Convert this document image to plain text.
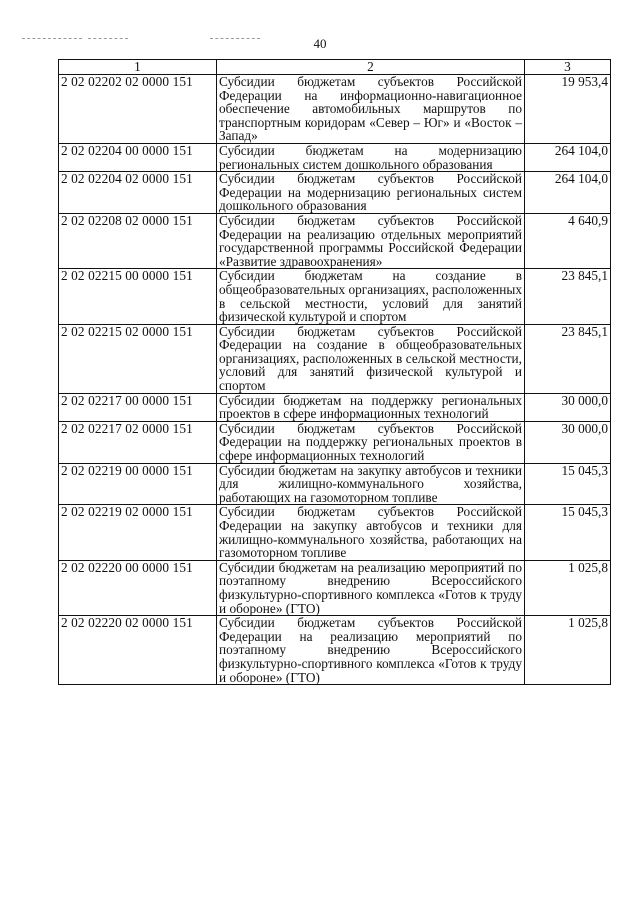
40
1	2	3
2 02 02202 02 0000 151	Субсидии бюджетам субъектов Российской Федерации на информационно-навигационное обеспечение автомобильных маршрутов по транспортным коридорам «Север – Юг» и «Восток – Запад»	19 953,4
2 02 02204 00 0000 151	Субсидии бюджетам на модернизацию региональных систем дошкольного образования	264 104,0
2 02 02204 02 0000 151	Субсидии бюджетам субъектов Российской Федерации на модернизацию региональных систем дошкольного образования	264 104,0
2 02 02208 02 0000 151	Субсидии бюджетам субъектов Российской Федерации на реализацию отдельных мероприятий государственной программы Российской Федерации «Развитие здравоохранения»	4 640,9
2 02 02215 00 0000 151	Субсидии бюджетам на создание в общеобразовательных организациях, расположенных в сельской местности, условий для занятий физической культурой и спортом	23 845,1
2 02 02215 02 0000 151	Субсидии бюджетам субъектов Российской Федерации на создание в общеобразовательных организациях, расположенных в сельской местности, условий для занятий физической культурой и спортом	23 845,1
2 02 02217 00 0000 151	Субсидии бюджетам на поддержку региональных проектов в сфере информационных технологий	30 000,0
2 02 02217 02 0000 151	Субсидии бюджетам субъектов Российской Федерации на поддержку региональных проектов в сфере информационных технологий	30 000,0
2 02 02219 00 0000 151	Субсидии бюджетам на закупку автобусов и техники для жилищно-коммунального хозяйства, работающих на газомоторном топливе	15 045,3
2 02 02219 02 0000 151	Субсидии бюджетам субъектов Российской Федерации на закупку автобусов и техники для жилищно-коммунального хозяйства, работающих на газомоторном топливе	15 045,3
2 02 02220 00 0000 151	Субсидии бюджетам на реализацию мероприятий по поэтапному внедрению Всероссийского физкультурно-спортивного комплекса «Готов к труду и обороне» (ГТО)	1 025,8
2 02 02220 02 0000 151	Субсидии бюджетам субъектов Российской Федерации на реализацию мероприятий по поэтапному внедрению Всероссийского физкультурно-спортивного комплекса «Готов к труду и обороне» (ГТО)	1 025,8
